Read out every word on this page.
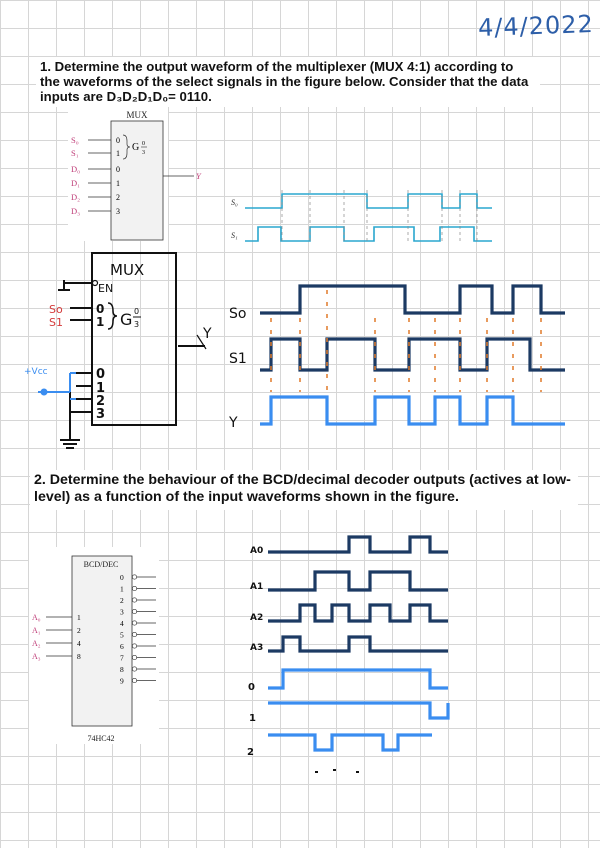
4/4/2022
1. Determine the output waveform of the multiplexer (MUX 4:1) according to the waveforms of the select signals in the figure below. Consider that the data inputs are D₃D₂D₁D₀= 0110.
2. Determine the behaviour of the BCD/decimal decoder outputs (actives at low-level) as a function of the input waveforms shown in the figure.
MUX
S₀
S₁
D₀
D₁
D₂
D₃
0
1
G 0
3
0
1
2
3
Y
S₀
S₁
MUX
EN
So
S1
+Vcc
0
1 G 0
3
0
1
2
3
Y
So
S1
Y
BCD/DEC
A₀
A₁
A₂
A₃
1
2
4
8
0
1
2
3
4
5
6
7
8
9
74HC42
A0
A1
A2
A3
0
1
2
